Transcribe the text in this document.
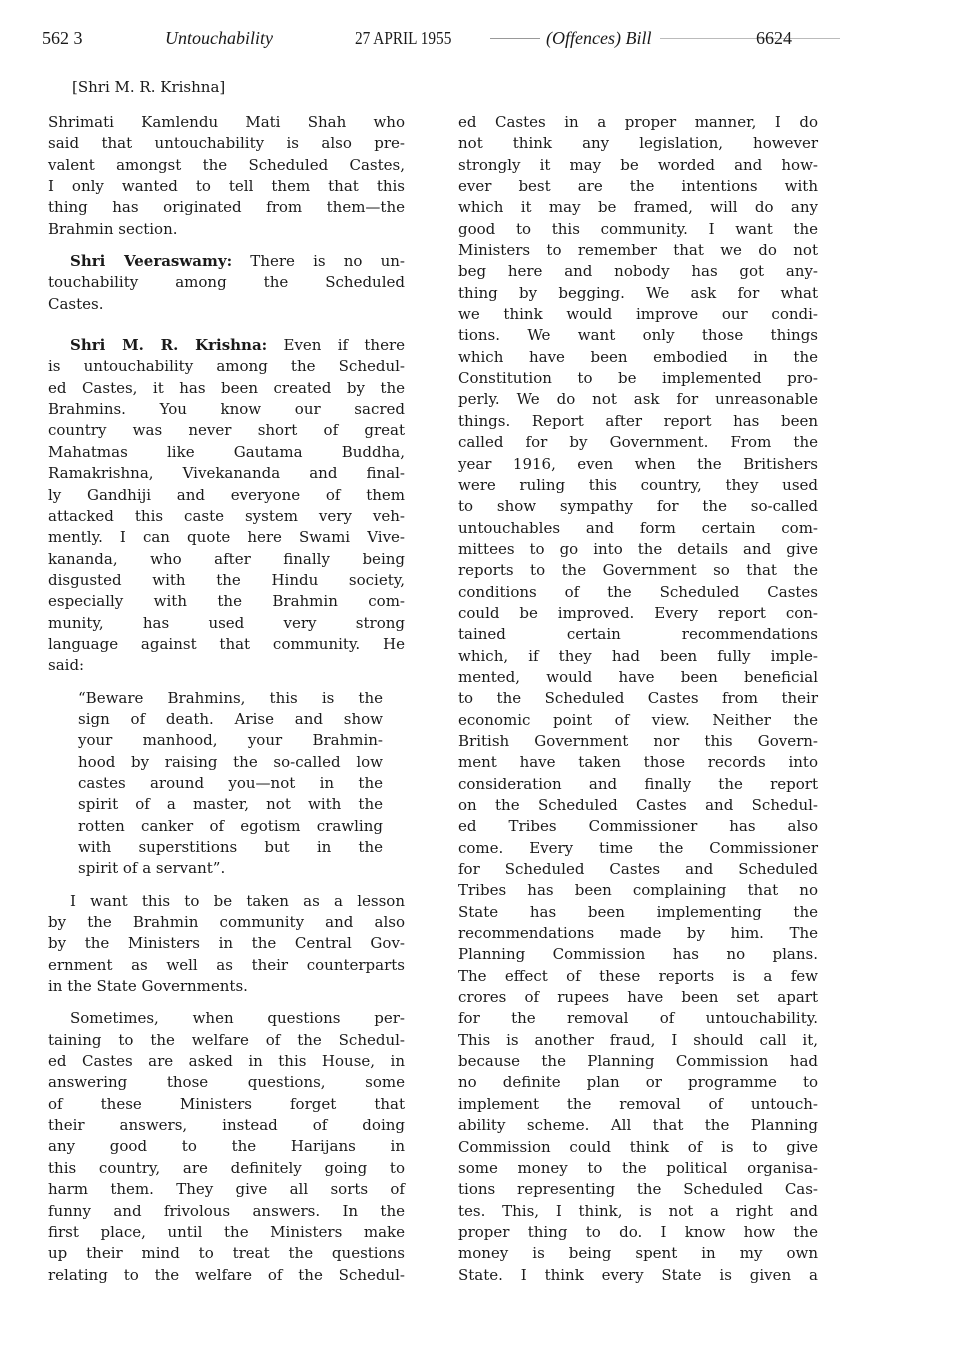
562 3	Untouchability	27 APRIL 1955	(Offences) Bill	6624
[Shri M. R. Krishna]
Shrimati Kamlendu Mati Shah who
said that untouchability is also pre-
valent amongst the Scheduled Castes,
I only wanted to tell them that this
thing has originated from them—the
Brahmin section.
Shri Veeraswamy: There is no un-
touchability among the Scheduled
Castes.
Shri M. R. Krishna: Even if there
is untouchability among the Schedul-
ed Castes, it has been created by the
Brahmins. You know our sacred
country was never short of great
Mahatmas like Gautama Buddha,
Ramakrishna, Vivekananda and final-
ly Gandhiji and everyone of them
attacked this caste system very veh-
mently. I can quote here Swami Vive-
kananda, who after finally being
disgusted with the Hindu society,
especially with the Brahmin com-
munity, has used very strong
language against that community. He
said:
“Beware Brahmins, this is the
sign of death. Arise and show
your manhood, your Brahmin-
hood by raising the so-called low
castes around you—not in the
spirit of a master, not with the
rotten canker of egotism crawling
with superstitions but in the
spirit of a servant”.
I want this to be taken as a lesson
by the Brahmin community and also
by the Ministers in the Central Gov-
ernment as well as their counterparts
in the State Governments.
Sometimes, when questions per-
taining to the welfare of the Schedul-
ed Castes are asked in this House, in
answering those questions, some
of these Ministers forget that
their answers, instead of doing
any good to the Harijans in
this country, are definitely going to
harm them. They give all sorts of
funny and frivolous answers. In the
first place, until the Ministers make
up their mind to treat the questions
relating to the welfare of the Schedul-
ed Castes in a proper manner, I do
not think any legislation, however
strongly it may be worded and how-
ever best are the intentions with
which it may be framed, will do any
good to this community. I want the
Ministers to remember that we do not
beg here and nobody has got any-
thing by begging. We ask for what
we think would improve our condi-
tions. We want only those things
which have been embodied in the
Constitution to be implemented pro-
perly. We do not ask for unreasonable
things. Report after report has been
called for by Government. From the
year 1916, even when the Britishers
were ruling this country, they used
to show sympathy for the so-called
untouchables and form certain com-
mittees to go into the details and give
reports to the Government so that the
conditions of the Scheduled Castes
could be improved. Every report con-
tained certain recommendations
which, if they had been fully imple-
mented, would have been beneficial
to the Scheduled Castes from their
economic point of view. Neither the
British Government nor this Govern-
ment have taken those records into
consideration and finally the report
on the Scheduled Castes and Schedul-
ed Tribes Commissioner has also
come. Every time the Commissioner
for Scheduled Castes and Scheduled
Tribes has been complaining that no
State has been implementing the
recommendations made by him. The
Planning Commission has no plans.
The effect of these reports is a few
crores of rupees have been set apart
for the removal of untouchability.
This is another fraud, I should call it,
because the Planning Commission had
no definite plan or programme to
implement the removal of untouch-
ability scheme. All that the Planning
Commission could think of is to give
some money to the political organisa-
tions representing the Scheduled Cas-
tes. This, I think, is not a right and
proper thing to do. I know how the
money is being spent in my own
State. I think every State is given a
